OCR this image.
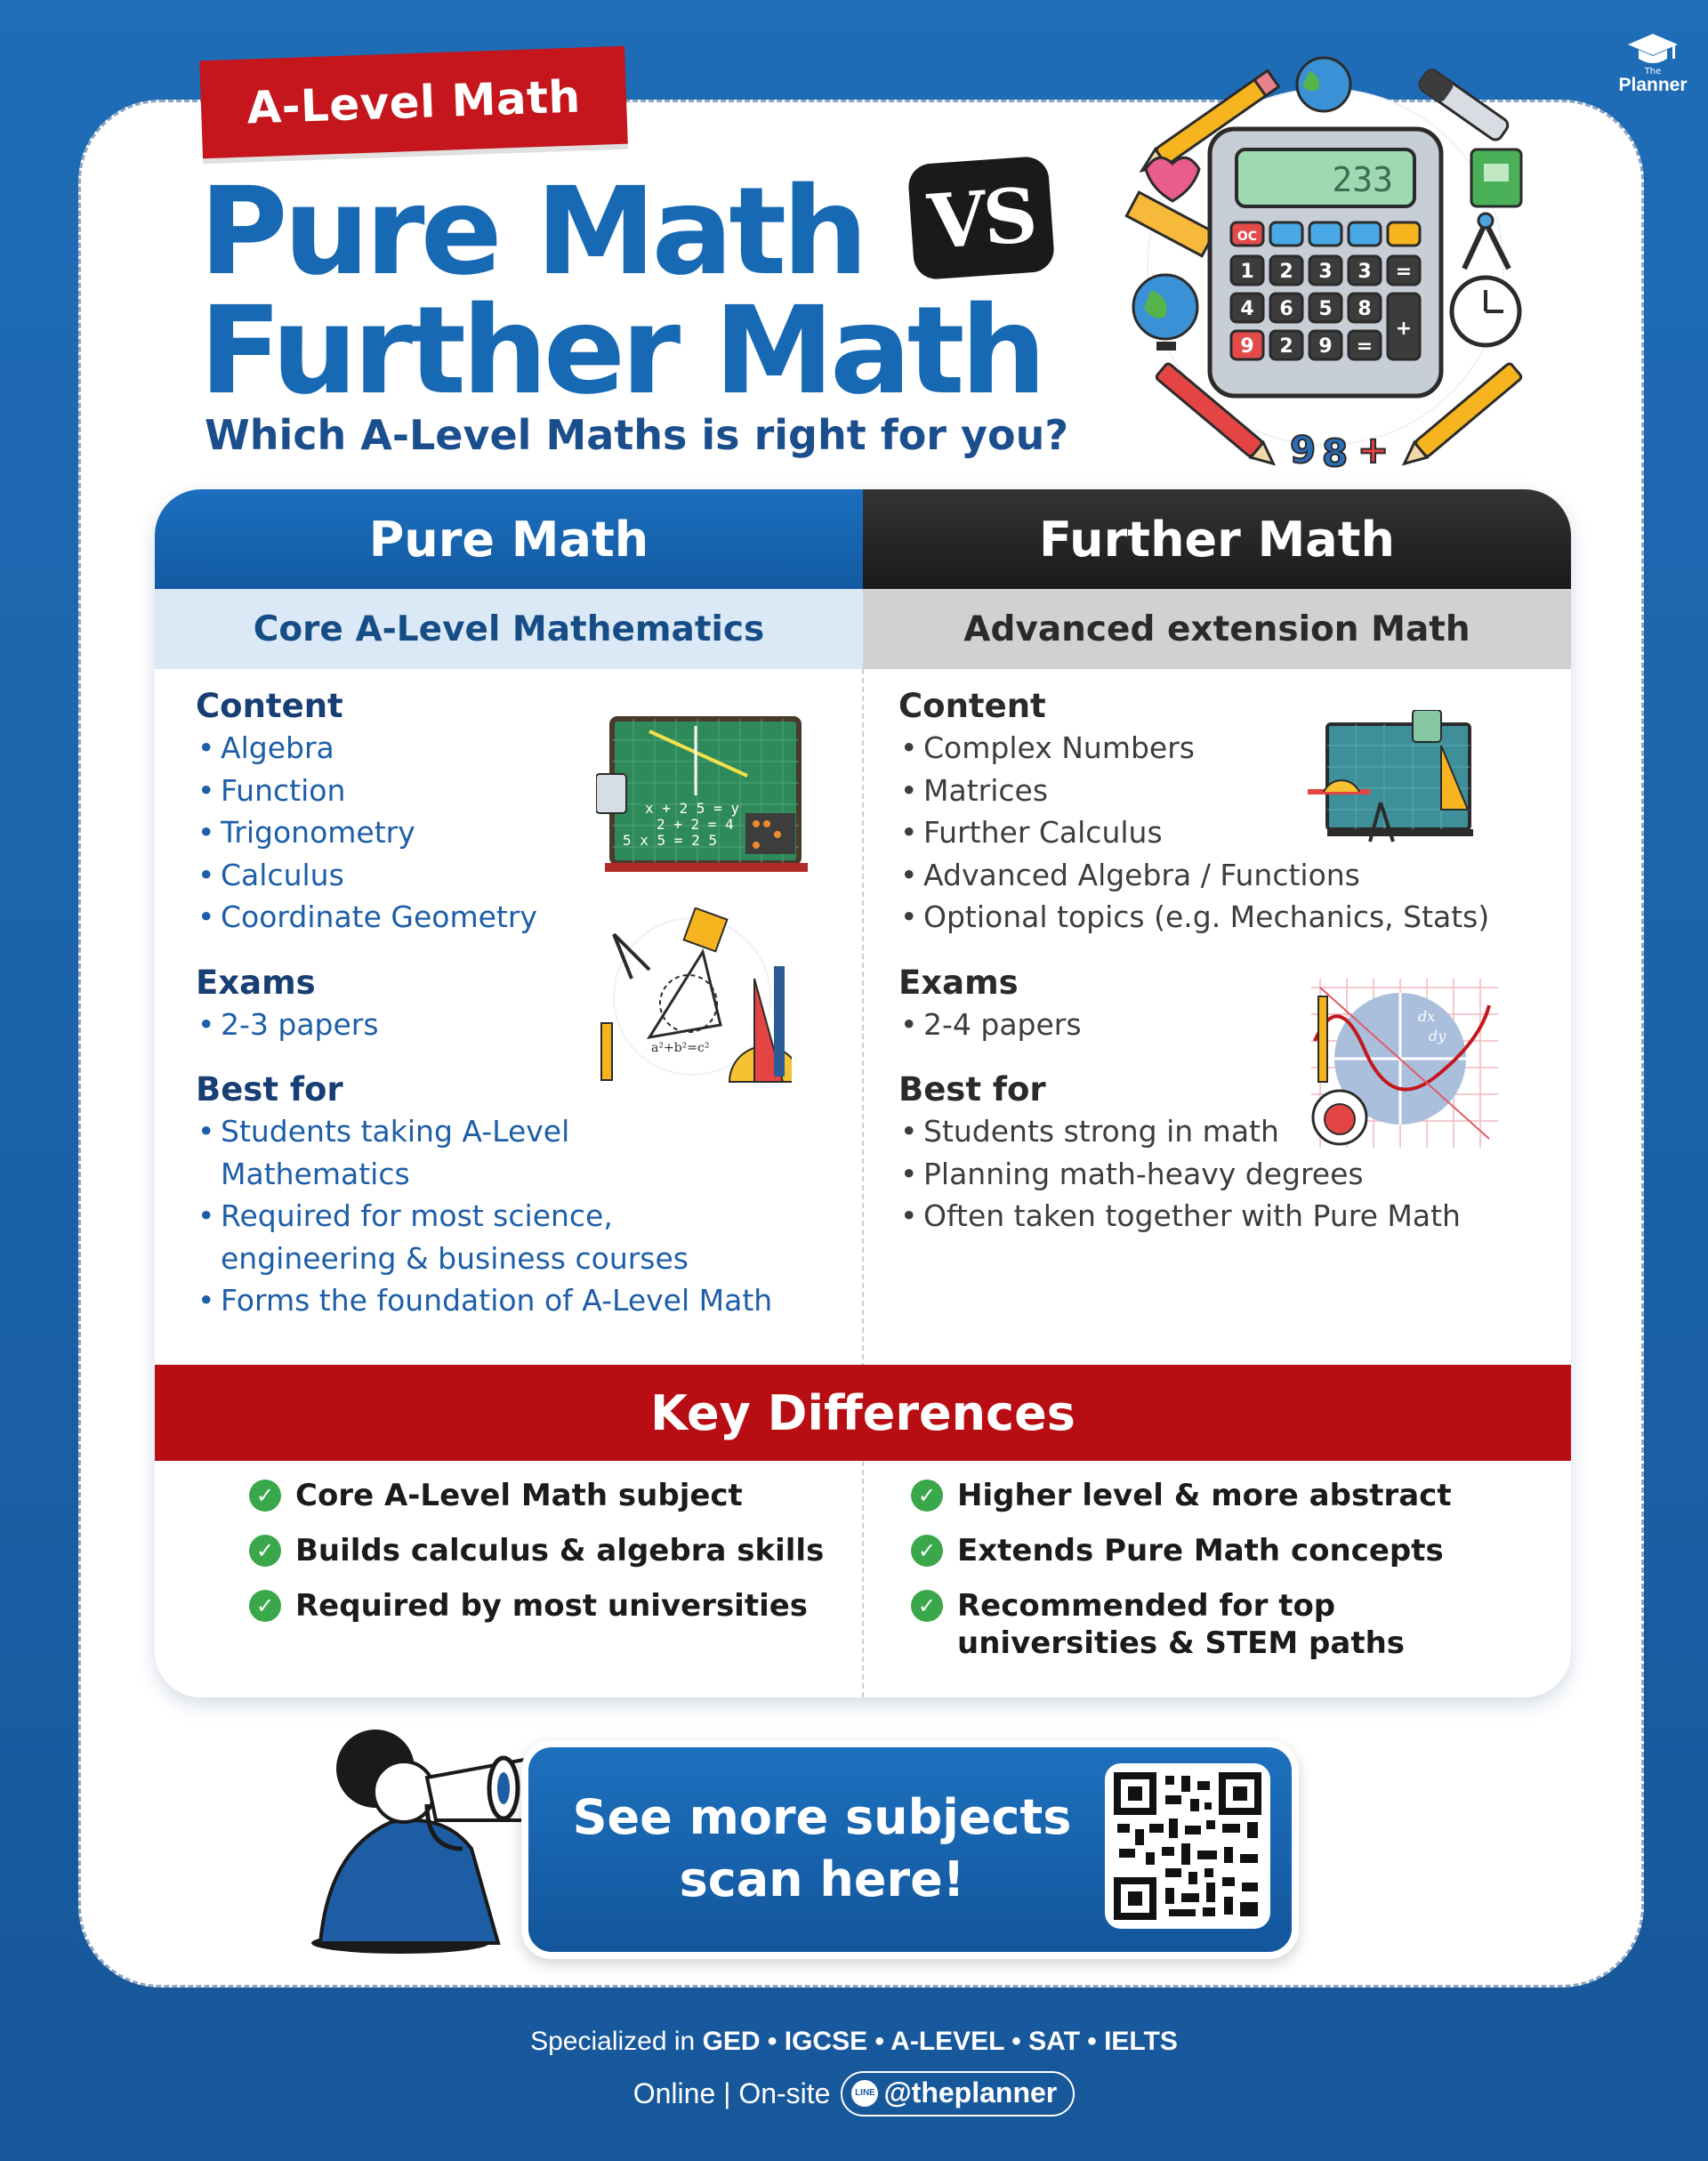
The
Planner
A-Level Math
Pure Math VS
Further Math
Which A-Level Maths is right for you?	9 8 +
233
OC
1 2 3 3 =
4 6 5 8
+
9 2 9 =
Pure Math	Further Math
Core A-Level Mathematics	Advanced extension Math
Content
• Algebra
• Function
• Trigonometry
• Calculus
• Coordinate Geometry
Exams
• 2-3 papers
Best for
• Students taking A-Level Mathematics
• Required for most science, engineering & business courses
• Forms the foundation of A-Level Math
x + 2 5 = y
2 + 2 = 4
5 x 5 = 2 5
a²+b²=c²
Content
• Complex Numbers
• Matrices
• Further Calculus
• Advanced Algebra / Functions
• Optional topics (e.g. Mechanics, Stats)
Exams
• 2-4 papers
Best for
• Students strong in math
• Planning math-heavy degrees
• Often taken together with Pure Math
dx
dy
Key Differences
✓ Core A-Level Math subject
✓ Builds calculus & algebra skills
✓ Required by most universities
✓ Higher level & more abstract
✓ Extends Pure Math concepts
✓ Recommended for top universities & STEM paths
See more subjects
scan here!
Specialized in GED • IGCSE • A-LEVEL • SAT • IELTS
Online | On-site	LINE @theplanner
